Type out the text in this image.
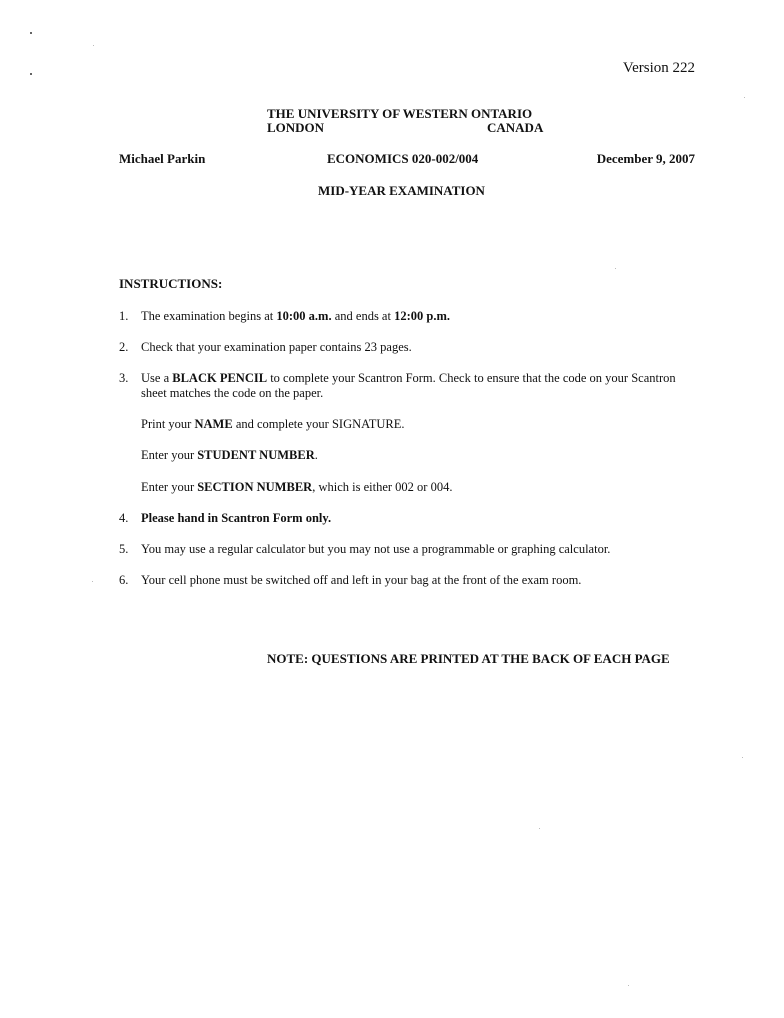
Version 222
THE UNIVERSITY OF WESTERN ONTARIO
LONDON	CANADA
Michael Parkin	ECONOMICS 020-002/004	December 9, 2007
MID-YEAR EXAMINATION
INSTRUCTIONS:
1. The examination begins at 10:00 a.m. and ends at 12:00 p.m.
2. Check that your examination paper contains 23 pages.
3. Use a BLACK PENCIL to complete your Scantron Form. Check to ensure that the code on your Scantron sheet matches the code on the paper.
Print your NAME and complete your SIGNATURE.
Enter your STUDENT NUMBER.
Enter your SECTION NUMBER, which is either 002 or 004.
4. Please hand in Scantron Form only.
5. You may use a regular calculator but you may not use a programmable or graphing calculator.
6. Your cell phone must be switched off and left in your bag at the front of the exam room.
NOTE: QUESTIONS ARE PRINTED AT THE BACK OF EACH PAGE
